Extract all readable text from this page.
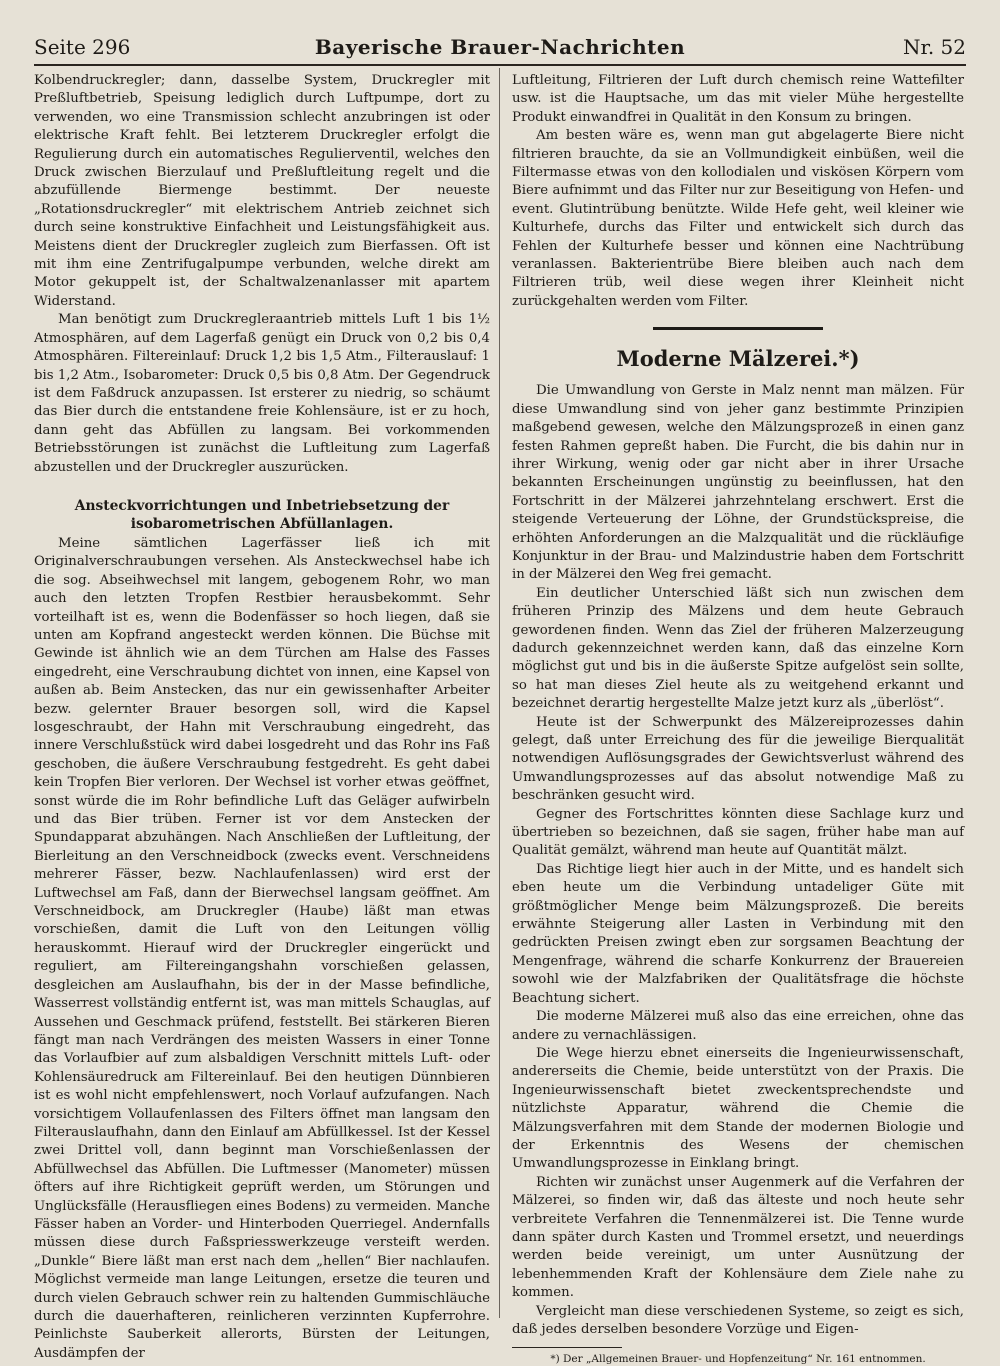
Seite 296	Bayerische Brauer-Nachrichten	Nr. 52

Kolbendruckregler; dann, dasselbe System, Druckregler mit Preßluftbetrieb, Speisung lediglich durch Luftpumpe, dort zu verwenden, wo eine Transmission schlecht anzubringen ist oder elektrische Kraft fehlt. Bei letzterem Druckregler erfolgt die Regulierung durch ein automatisches Regulierventil, welches den Druck zwischen Bierzulauf und Preßluftleitung regelt und die abzufüllende Biermenge bestimmt. Der neueste „Rotationsdruckregler“ mit elektrischem Antrieb zeichnet sich durch seine konstruktive Einfachheit und Leistungsfähigkeit aus. Meistens dient der Druckregler zugleich zum Bierfassen. Oft ist mit ihm eine Zentrifugalpumpe verbunden, welche direkt am Motor gekuppelt ist, der Schaltwalzenanlasser mit apartem Widerstand.

Man benötigt zum Druckregleraantrieb mittels Luft 1 bis 1½ Atmosphären, auf dem Lagerfaß genügt ein Druck von 0,2 bis 0,4 Atmosphären. Filtereinlauf: Druck 1,2 bis 1,5 Atm., Filterauslauf: 1 bis 1,2 Atm., Isobarometer: Druck 0,5 bis 0,8 Atm. Der Gegendruck ist dem Faßdruck anzupassen. Ist ersterer zu niedrig, so schäumt das Bier durch die entstandene freie Kohlensäure, ist er zu hoch, dann geht das Abfüllen zu langsam. Bei vorkommenden Betriebsstörungen ist zunächst die Luftleitung zum Lagerfaß abzustellen und der Druckregler auszurücken.

Ansteckvorrichtungen und Inbetriebsetzung der isobarometrischen Abfüllanlagen.

Meine sämtlichen Lagerfässer ließ ich mit Originalverschraubungen versehen. Als Ansteckwechsel habe ich die sog. Abseihwechsel mit langem, gebogenem Rohr, wo man auch den letzten Tropfen Restbier herausbekommt. Sehr vorteilhaft ist es, wenn die Bodenfässer so hoch liegen, daß sie unten am Kopfrand angesteckt werden können. Die Büchse mit Gewinde ist ähnlich wie an dem Türchen am Halse des Fasses eingedreht, eine Verschraubung dichtet von innen, eine Kapsel von außen ab. Beim Anstecken, das nur ein gewissenhafter Arbeiter bezw. gelernter Brauer besorgen soll, wird die Kapsel losgeschraubt, der Hahn mit Verschraubung eingedreht, das innere Verschlußstück wird dabei losgedreht und das Rohr ins Faß geschoben, die äußere Verschraubung festgedreht. Es geht dabei kein Tropfen Bier verloren. Der Wechsel ist vorher etwas geöffnet, sonst würde die im Rohr befindliche Luft das Geläger aufwirbeln und das Bier trüben. Ferner ist vor dem Anstecken der Spundapparat abzuhängen. Nach Anschließen der Luftleitung, der Bierleitung an den Verschneidbock (zwecks event. Verschneidens mehrerer Fässer, bezw. Nachlaufenlassen) wird erst der Luftwechsel am Faß, dann der Bierwechsel langsam geöffnet. Am Verschneidbock, am Druckregler (Haube) läßt man etwas vorschießen, damit die Luft von den Leitungen völlig herauskommt. Hierauf wird der Druckregler eingerückt und reguliert, am Filtereingangshahn vorschießen gelassen, desgleichen am Auslaufhahn, bis der in der Masse befindliche, Wasserrest vollständig entfernt ist, was man mittels Schauglas, auf Aussehen und Geschmack prüfend, feststellt. Bei stärkeren Bieren fängt man nach Verdrängen des meisten Wassers in einer Tonne das Vorlaufbier auf zum alsbaldigen Verschnitt mittels Luft- oder Kohlensäuredruck am Filtereinlauf. Bei den heutigen Dünnbieren ist es wohl nicht empfehlenswert, noch Vorlauf aufzufangen. Nach vorsichtigem Vollaufenlassen des Filters öffnet man langsam den Filterauslaufhahn, dann den Einlauf am Abfüllkessel. Ist der Kessel zwei Drittel voll, dann beginnt man Vorschießenlassen der Abfüllwechsel das Abfüllen. Die Luftmesser (Manometer) müssen öfters auf ihre Richtigkeit geprüft werden, um Störungen und Unglücksfälle (Herausfliegen eines Bodens) zu vermeiden. Manche Fässer haben an Vorder- und Hinterboden Querriegel. Andernfalls müssen diese durch Faßspriesswerkzeuge versteift werden. „Dunkle“ Biere läßt man erst nach dem „hellen“ Bier nachlaufen. Möglichst vermeide man lange Leitungen, ersetze die teuren und durch vielen Gebrauch schwer rein zu haltenden Gummischläuche durch die dauerhafteren, reinlicheren verzinnten Kupferrohre. Peinlichste Sauberkeit allerorts, Bürsten der Leitungen, Ausdämpfen der

Luftleitung, Filtrieren der Luft durch chemisch reine Wattefilter usw. ist die Hauptsache, um das mit vieler Mühe hergestellte Produkt einwandfrei in Qualität in den Konsum zu bringen.

Am besten wäre es, wenn man gut abgelagerte Biere nicht filtrieren brauchte, da sie an Vollmundigkeit einbüßen, weil die Filtermasse etwas von den kollodialen und viskösen Körpern vom Biere aufnimmt und das Filter nur zur Beseitigung von Hefen- und event. Glutintrübung benützte. Wilde Hefe geht, weil kleiner wie Kulturhefe, durchs das Filter und entwickelt sich durch das Fehlen der Kulturhefe besser und können eine Nachtrübung veranlassen. Bakterientrübe Biere bleiben auch nach dem Filtrieren trüb, weil diese wegen ihrer Kleinheit nicht zurückgehalten werden vom Filter.

Moderne Mälzerei.*)

Die Umwandlung von Gerste in Malz nennt man mälzen. Für diese Umwandlung sind von jeher ganz bestimmte Prinzipien maßgebend gewesen, welche den Mälzungsprozeß in einen ganz festen Rahmen gepreßt haben. Die Furcht, die bis dahin nur in ihrer Wirkung, wenig oder gar nicht aber in ihrer Ursache bekannten Erscheinungen ungünstig zu beeinflussen, hat den Fortschritt in der Mälzerei jahrzehntelang erschwert. Erst die steigende Verteuerung der Löhne, der Grundstückspreise, die erhöhten Anforderungen an die Malzqualität und die rückläufige Konjunktur in der Brau- und Malzindustrie haben dem Fortschritt in der Mälzerei den Weg frei gemacht.

Ein deutlicher Unterschied läßt sich nun zwischen dem früheren Prinzip des Mälzens und dem heute Gebrauch gewordenen finden. Wenn das Ziel der früheren Malzerzeugung dadurch gekennzeichnet werden kann, daß das einzelne Korn möglichst gut und bis in die äußerste Spitze aufgelöst sein sollte, so hat man dieses Ziel heute als zu weitgehend erkannt und bezeichnet derartig hergestellte Malze jetzt kurz als „überlöst“.

Heute ist der Schwerpunkt des Mälzereiprozesses dahin gelegt, daß unter Erreichung des für die jeweilige Bierqualität notwendigen Auflösungsgrades der Gewichtsverlust während des Umwandlungsprozesses auf das absolut notwendige Maß zu beschränken gesucht wird.

Gegner des Fortschrittes könnten diese Sachlage kurz und übertrieben so bezeichnen, daß sie sagen, früher habe man auf Qualität gemälzt, während man heute auf Quantität mälzt.

Das Richtige liegt hier auch in der Mitte, und es handelt sich eben heute um die Verbindung untadeliger Güte mit größtmöglicher Menge beim Mälzungsprozeß. Die bereits erwähnte Steigerung aller Lasten in Verbindung mit den gedrückten Preisen zwingt eben zur sorgsamen Beachtung der Mengenfrage, während die scharfe Konkurrenz der Brauereien sowohl wie der Malzfabriken der Qualitätsfrage die höchste Beachtung sichert.

Die moderne Mälzerei muß also das eine erreichen, ohne das andere zu vernachlässigen.

Die Wege hierzu ebnet einerseits die Ingenieurwissenschaft, andererseits die Chemie, beide unterstützt von der Praxis. Die Ingenieurwissenschaft bietet zweckentsprechendste und nützlichste Apparatur, während die Chemie die Mälzungsverfahren mit dem Stande der modernen Biologie und der Erkenntnis des Wesens der chemischen Umwandlungsprozesse in Einklang bringt.

Richten wir zunächst unser Augenmerk auf die Verfahren der Mälzerei, so finden wir, daß das älteste und noch heute sehr verbreitete Verfahren die Tennenmälzerei ist. Die Tenne wurde dann später durch Kasten und Trommel ersetzt, und neuerdings werden beide vereinigt, um unter Ausnützung der lebenhemmenden Kraft der Kohlensäure dem Ziele nahe zu kommen.

Vergleicht man diese verschiedenen Systeme, so zeigt es sich, daß jedes derselben besondere Vorzüge und Eigen-

*) Der „Allgemeinen Brauer- und Hopfenzeitung“ Nr. 161 entnommen.
